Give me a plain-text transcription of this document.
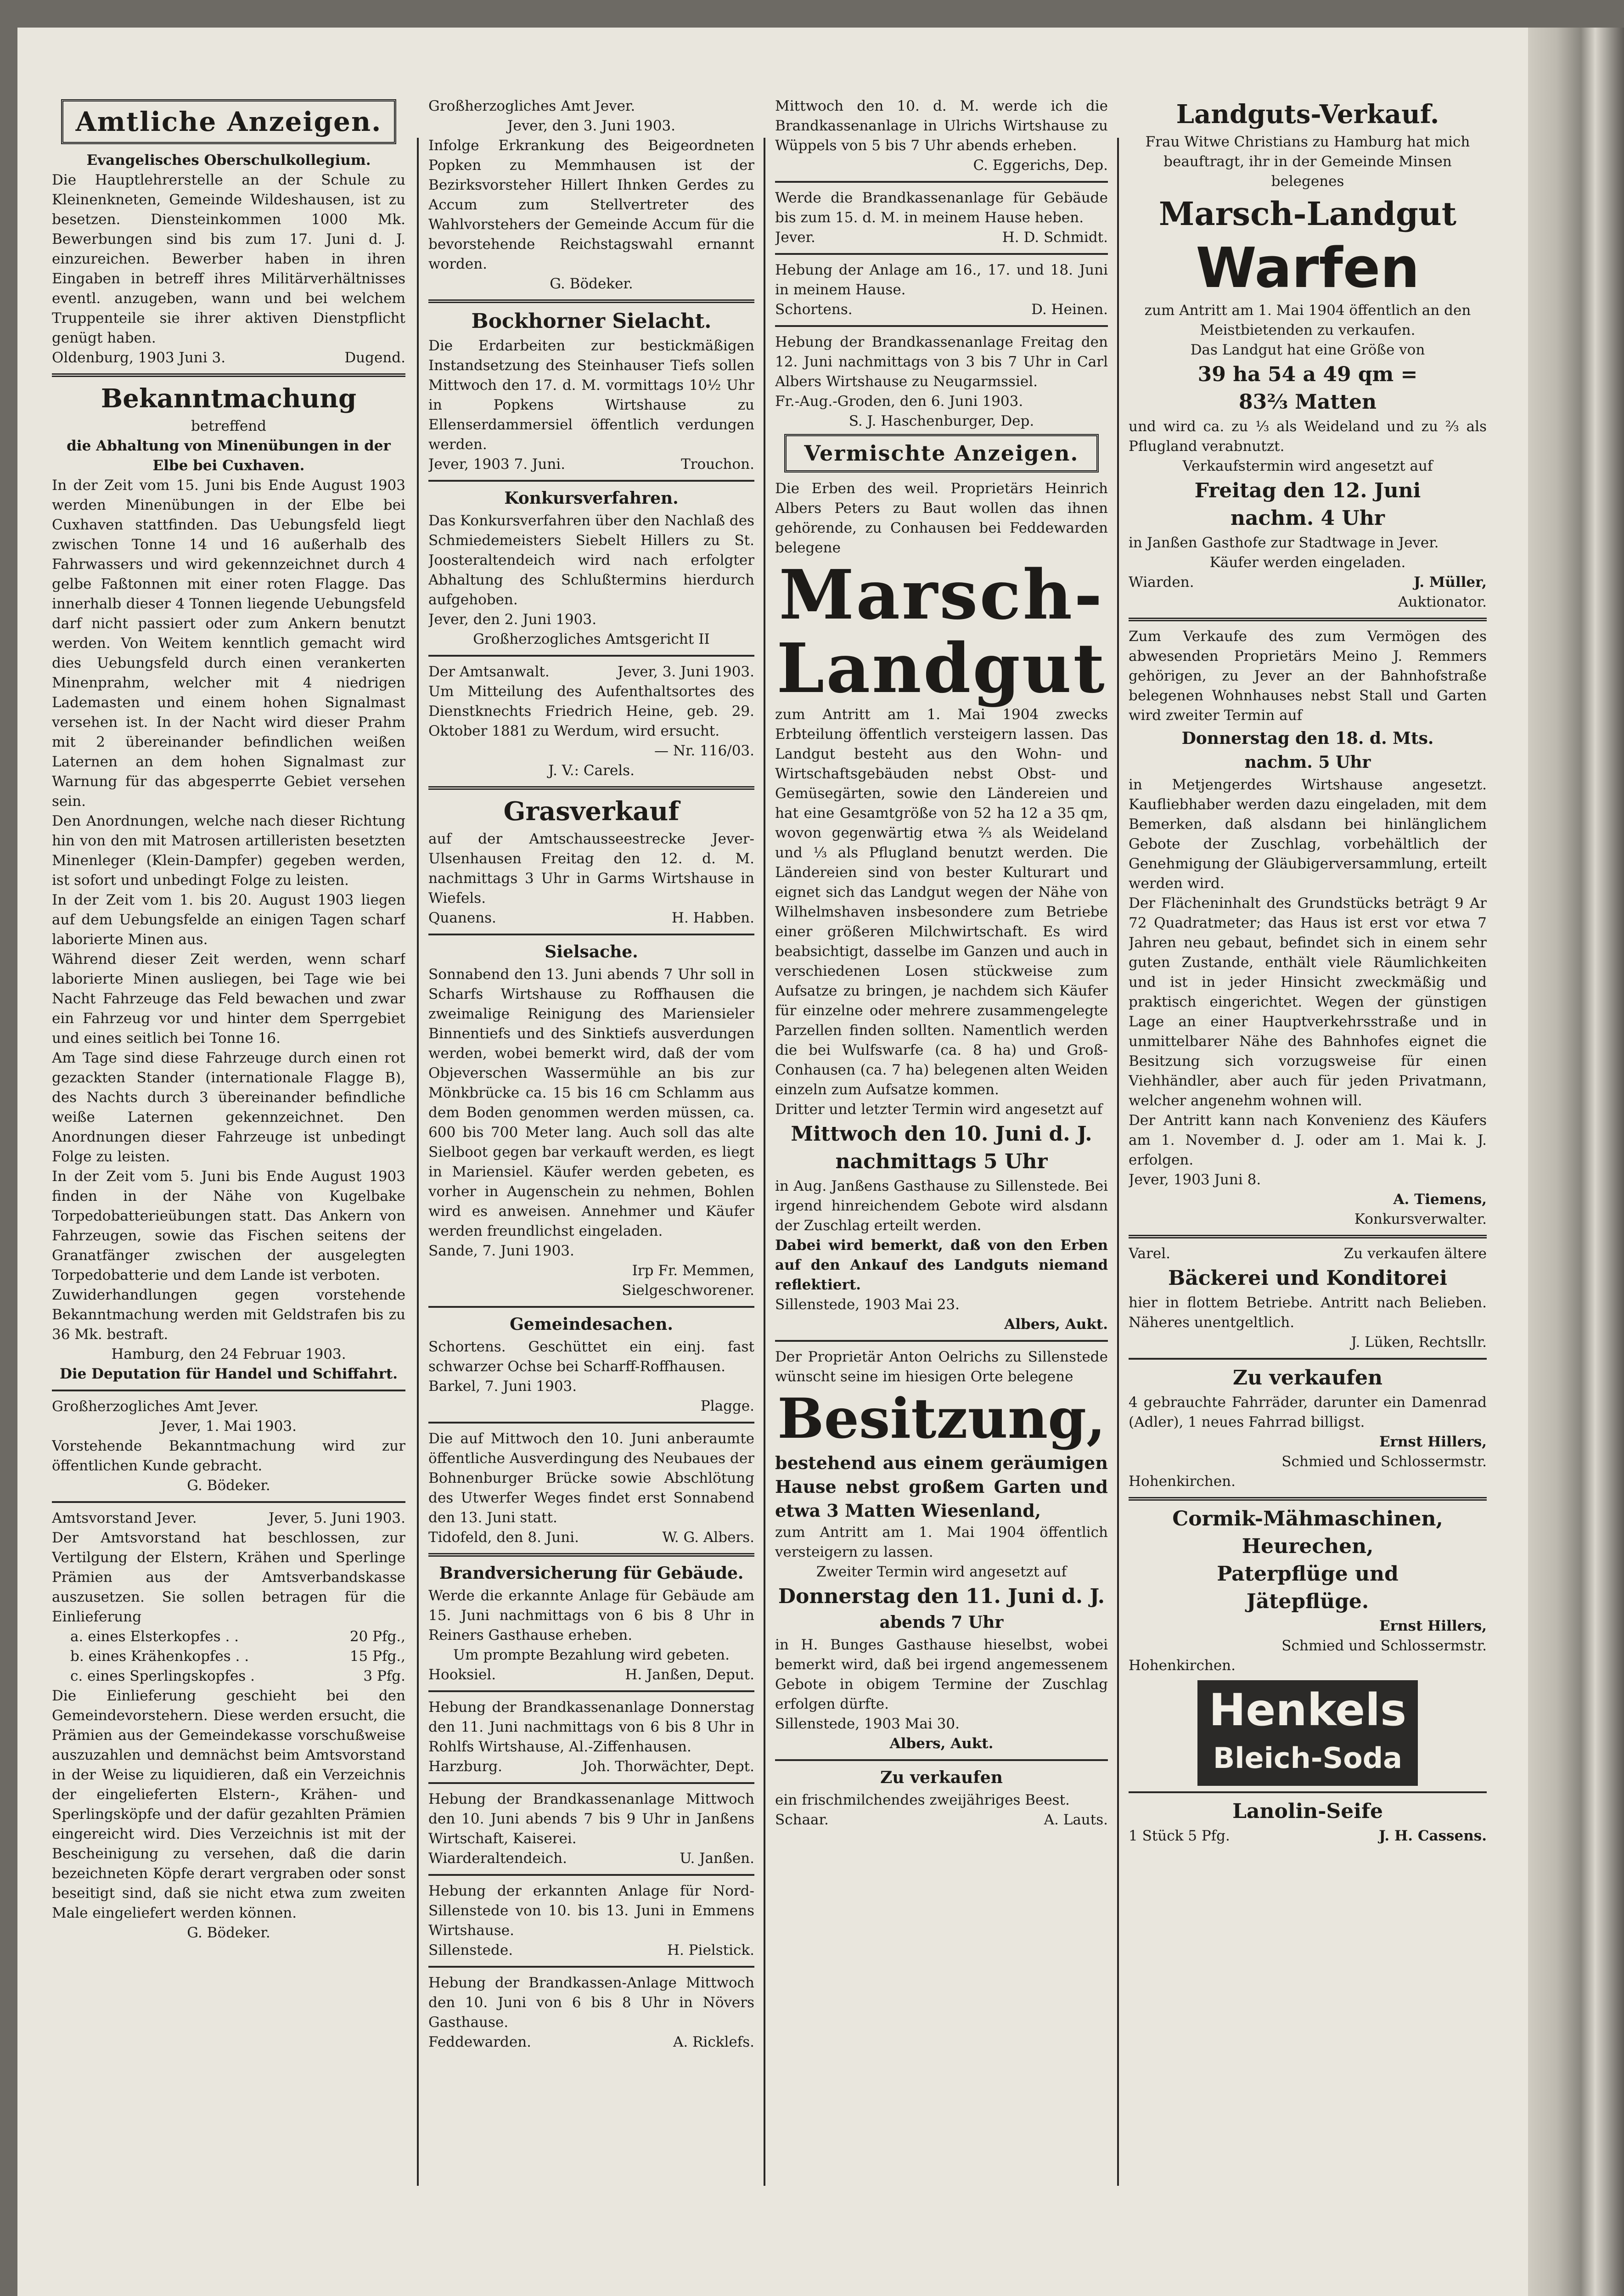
Amtliche Anzeigen.

Evangelisches Oberschulkollegium.

Die Hauptlehrerstelle an der Schule zu Kleinenkneten, Gemeinde Wildeshausen, ist zu besetzen. Diensteinkommen 1000 Mk. Bewerbungen sind bis zum 17. Juni d. J. einzureichen. Bewerber haben in ihren Eingaben in betreff ihres Militärverhältnisses eventl. anzugeben, wann und bei welchem Truppenteile sie ihrer aktiven Dienstpflicht genügt haben.

Oldenburg, 1903 Juni 3.	Dugend.
Bekanntmachung

betreffend

die Abhaltung von Minenübungen in der Elbe bei Cuxhaven.

In der Zeit vom 15. Juni bis Ende August 1903 werden Minenübungen in der Elbe bei Cuxhaven stattfinden. Das Uebungsfeld liegt zwischen Tonne 14 und 16 außerhalb des Fahrwassers und wird gekennzeichnet durch 4 gelbe Faßtonnen mit einer roten Flagge. Das innerhalb dieser 4 Tonnen liegende Uebungsfeld darf nicht passiert oder zum Ankern benutzt werden. Von Weitem kenntlich gemacht wird dies Uebungsfeld durch einen verankerten Minenprahm, welcher mit 4 niedrigen Lademasten und einem hohen Signalmast versehen ist. In der Nacht wird dieser Prahm mit 2 übereinander befindlichen weißen Laternen an dem hohen Signalmast zur Warnung für das abgesperrte Gebiet versehen sein.

Den Anordnungen, welche nach dieser Richtung hin von den mit Matrosen artilleristen besetzten Minenleger (Klein-Dampfer) gegeben werden, ist sofort und unbedingt Folge zu leisten.

In der Zeit vom 1. bis 20. August 1903 liegen auf dem Uebungsfelde an einigen Tagen scharf laborierte Minen aus.

Während dieser Zeit werden, wenn scharf laborierte Minen ausliegen, bei Tage wie bei Nacht Fahrzeuge das Feld bewachen und zwar ein Fahrzeug vor und hinter dem Sperrgebiet und eines seitlich bei Tonne 16.

Am Tage sind diese Fahrzeuge durch einen rot gezackten Stander (internationale Flagge B), des Nachts durch 3 übereinander befindliche weiße Laternen gekennzeichnet. Den Anordnungen dieser Fahrzeuge ist unbedingt Folge zu leisten.

In der Zeit vom 5. Juni bis Ende August 1903 finden in der Nähe von Kugelbake Torpedobatterieübungen statt. Das Ankern von Fahrzeugen, sowie das Fischen seitens der Granatfänger zwischen der ausgelegten Torpedobatterie und dem Lande ist verboten.

Zuwiderhandlungen gegen vorstehende Bekanntmachung werden mit Geldstrafen bis zu 36 Mk. bestraft.

Hamburg, den 24 Februar 1903.

Die Deputation für Handel und Schiffahrt.

Großherzogliches Amt Jever.

Jever, 1. Mai 1903.

Vorstehende Bekanntmachung wird zur öffentlichen Kunde gebracht.

G. Bödeker.

Amtsvorstand Jever.	Jever, 5. Juni 1903.

Der Amtsvorstand hat beschlossen, zur Vertilgung der Elstern, Krähen und Sperlinge Prämien aus der Amtsverbandskasse auszusetzen. Sie sollen betragen für die Einlieferung

a. eines Elsterkopfes . .	20 Pfg.,
b. eines Krähenkopfes . .	15 Pfg.,
c. eines Sperlingskopfes .	3 Pfg.

Die Einlieferung geschieht bei den Gemeindevorstehern. Diese werden ersucht, die Prämien aus der Gemeindekasse vorschußweise auszuzahlen und demnächst beim Amtsvorstand in der Weise zu liquidieren, daß ein Verzeichnis der eingelieferten Elstern-, Krähen- und Sperlingsköpfe und der dafür gezahlten Prämien eingereicht wird. Dies Verzeichnis ist mit der Bescheinigung zu versehen, daß die darin bezeichneten Köpfe derart vergraben oder sonst beseitigt sind, daß sie nicht etwa zum zweiten Male eingeliefert werden können.

G. Bödeker.

Großherzogliches Amt Jever.

Jever, den 3. Juni 1903.

Infolge Erkrankung des Beigeordneten Popken zu Memmhausen ist der Bezirksvorsteher Hillert Ihnken Gerdes zu Accum zum Stellvertreter des Wahlvorstehers der Gemeinde Accum für die bevorstehende Reichstagswahl ernannt worden.

G. Bödeker.

Bockhorner Sielacht.

Die Erdarbeiten zur bestickmäßigen Instandsetzung des Steinhauser Tiefs sollen Mittwoch den 17. d. M. vormittags 10½ Uhr in Popkens Wirtshause zu Ellenserdammersiel öffentlich verdungen werden.

Jever, 1903 7. Juni.	Trouchon.
Konkursverfahren.

Das Konkursverfahren über den Nachlaß des Schmiedemeisters Siebelt Hillers zu St. Joosteraltendeich wird nach erfolgter Abhaltung des Schlußtermins hierdurch aufgehoben.

Jever, den 2. Juni 1903.

Großherzogliches Amtsgericht II

Der Amtsanwalt.	Jever, 3. Juni 1903.

Um Mitteilung des Aufenthaltsortes des Dienstknechts Friedrich Heine, geb. 29. Oktober 1881 zu Werdum, wird ersucht.

— Nr. 116/03.

J. V.: Carels.

Grasverkauf

auf der Amtschausseestrecke Jever-Ulsenhausen Freitag den 12. d. M. nachmittags 3 Uhr in Garms Wirtshause in Wiefels.

Quanens.	H. Habben.
Sielsache.

Sonnabend den 13. Juni abends 7 Uhr soll in Scharfs Wirtshause zu Roffhausen die zweimalige Reinigung des Mariensieler Binnentiefs und des Sinktiefs ausverdungen werden, wobei bemerkt wird, daß der vom Objeverschen Wassermühle an bis zur Mönkbrücke ca. 15 bis 16 cm Schlamm aus dem Boden genommen werden müssen, ca. 600 bis 700 Meter lang. Auch soll das alte Sielboot gegen bar verkauft werden, es liegt in Mariensiel. Käufer werden gebeten, es vorher in Augenschein zu nehmen, Bohlen wird es anweisen. Annehmer und Käufer werden freundlichst eingeladen.

Sande, 7. Juni 1903.

Irp Fr. Memmen,

Sielgeschworener.

Gemeindesachen.

Schortens. Geschüttet ein einj. fast schwarzer Ochse bei Scharff-Roffhausen.

Barkel, 7. Juni 1903.

Plagge.

Die auf Mittwoch den 10. Juni anberaumte öffentliche Ausverdingung des Neubaues der Bohnenburger Brücke sowie Abschlötung des Utwerfer Weges findet erst Sonnabend den 13. Juni statt.

Tidofeld, den 8. Juni.	W. G. Albers.
Brandversicherung für Gebäude.

Werde die erkannte Anlage für Gebäude am 15. Juni nachmittags von 6 bis 8 Uhr in Reiners Gasthause erheben.

Um prompte Bezahlung wird gebeten.

Hooksiel.	H. Janßen, Deput.

Hebung der Brandkassenanlage Donnerstag den 11. Juni nachmittags von 6 bis 8 Uhr in Rohlfs Wirtshause, Al.-Ziffenhausen.

Harzburg.	Joh. Thorwächter, Dept.

Hebung der Brandkassenanlage Mittwoch den 10. Juni abends 7 bis 9 Uhr in Janßens Wirtschaft, Kaiserei.

Wiarderaltendeich.	U. Janßen.

Hebung der erkannten Anlage für Nord-Sillenstede von 10. bis 13. Juni in Emmens Wirtshause.

Sillenstede.	H. Pielstick.

Hebung der Brandkassen-Anlage Mittwoch den 10. Juni von 6 bis 8 Uhr in Növers Gasthause.

Feddewarden.	A. Ricklefs.

Mittwoch den 10. d. M. werde ich die Brandkassenanlage in Ulrichs Wirtshause zu Wüppels von 5 bis 7 Uhr abends erheben.

C. Eggerichs, Dep.

Werde die Brandkassenanlage für Gebäude bis zum 15. d. M. in meinem Hause heben.

Jever.	H. D. Schmidt.

Hebung der Anlage am 16., 17. und 18. Juni in meinem Hause.

Schortens.	D. Heinen.

Hebung der Brandkassenanlage Freitag den 12. Juni nachmittags von 3 bis 7 Uhr in Carl Albers Wirtshause zu Neugarmssiel.

Fr.-Aug.-Groden, den 6. Juni 1903.

S. J. Haschenburger, Dep.

Vermischte Anzeigen.

Die Erben des weil. Proprietärs Heinrich Albers Peters zu Baut wollen das ihnen gehörende, zu Conhausen bei Feddewarden belegene

Marsch-
Landgut

zum Antritt am 1. Mai 1904 zwecks Erbteilung öffentlich versteigern lassen. Das Landgut besteht aus den Wohn- und Wirtschaftsgebäuden nebst Obst- und Gemüsegärten, sowie den Ländereien und hat eine Gesamtgröße von 52 ha 12 a 35 qm, wovon gegenwärtig etwa ⅔ als Weideland und ⅓ als Pflugland benutzt werden. Die Ländereien sind von bester Kulturart und eignet sich das Landgut wegen der Nähe von Wilhelmshaven insbesondere zum Betriebe einer größeren Milchwirtschaft. Es wird beabsichtigt, dasselbe im Ganzen und auch in verschiedenen Losen stückweise zum Aufsatze zu bringen, je nachdem sich Käufer für einzelne oder mehrere zusammengelegte Parzellen finden sollten. Namentlich werden die bei Wulfswarfe (ca. 8 ha) und Groß-Conhausen (ca. 7 ha) belegenen alten Weiden einzeln zum Aufsatze kommen.

Dritter und letzter Termin wird angesetzt auf

Mittwoch den 10. Juni d. J.
nachmittags 5 Uhr

in Aug. Janßens Gasthause zu Sillenstede. Bei irgend hinreichendem Gebote wird alsdann der Zuschlag erteilt werden.

Dabei wird bemerkt, daß von den Erben auf den Ankauf des Landguts niemand reflektiert.

Sillenstede, 1903 Mai 23.

Albers, Aukt.

Der Proprietär Anton Oelrichs zu Sillenstede wünscht seine im hiesigen Orte belegene

Besitzung,

bestehend aus einem geräumigen Hause nebst großem Garten und etwa 3 Matten Wiesenland,

zum Antritt am 1. Mai 1904 öffentlich versteigern zu lassen.

Zweiter Termin wird angesetzt auf

Donnerstag den 11. Juni d. J.
abends 7 Uhr

in H. Bunges Gasthause hieselbst, wobei bemerkt wird, daß bei irgend angemessenem Gebote in obigem Termine der Zuschlag erfolgen dürfte.

Sillenstede, 1903 Mai 30.

Albers, Aukt.

Zu verkaufen

ein frischmilchendes zweijähriges Beest.

Schaar.	A. Lauts.
Landguts-Verkauf.

Frau Witwe Christians zu Hamburg hat mich beauftragt, ihr in der Gemeinde Minsen belegenes

Marsch-Landgut
Warfen

zum Antritt am 1. Mai 1904 öffentlich an den Meistbietenden zu verkaufen.

Das Landgut hat eine Größe von

39 ha 54 a 49 qm =
83⅔ Matten

und wird ca. zu ⅓ als Weideland und zu ⅔ als Pflugland verabnutzt.

Verkaufstermin wird angesetzt auf

Freitag den 12. Juni
nachm. 4 Uhr

in Janßen Gasthofe zur Stadtwage in Jever.

Käufer werden eingeladen.

Wiarden.	J. Müller,

Auktionator.

Zum Verkaufe des zum Vermögen des abwesenden Proprietärs Meino J. Remmers gehörigen, zu Jever an der Bahnhofstraße belegenen Wohnhauses nebst Stall und Garten wird zweiter Termin auf

Donnerstag den 18. d. Mts.
nachm. 5 Uhr

in Metjengerdes Wirtshause angesetzt. Kaufliebhaber werden dazu eingeladen, mit dem Bemerken, daß alsdann bei hinlänglichem Gebote der Zuschlag, vorbehältlich der Genehmigung der Gläubigerversammlung, erteilt werden wird.

Der Flächeninhalt des Grundstücks beträgt 9 Ar 72 Quadratmeter; das Haus ist erst vor etwa 7 Jahren neu gebaut, befindet sich in einem sehr guten Zustande, enthält viele Räumlichkeiten und ist in jeder Hinsicht zweckmäßig und praktisch eingerichtet. Wegen der günstigen Lage an einer Hauptverkehrsstraße und in unmittelbarer Nähe des Bahnhofes eignet die Besitzung sich vorzugsweise für einen Viehhändler, aber auch für jeden Privatmann, welcher angenehm wohnen will.

Der Antritt kann nach Konvenienz des Käufers am 1. November d. J. oder am 1. Mai k. J. erfolgen.

Jever, 1903 Juni 8.

A. Tiemens,

Konkursverwalter.

Varel.	Zu verkaufen ältere
Bäckerei und Konditorei

hier in flottem Betriebe. Antritt nach Belieben. Näheres unentgeltlich.

J. Lüken, Rechtsllr.

Zu verkaufen

4 gebrauchte Fahrräder, darunter ein Damenrad (Adler), 1 neues Fahrrad billigst.

Ernst Hillers,

Schmied und Schlossermstr.

Hohenkirchen.

Cormik-Mähmaschinen,
Heurechen,
Paterpflüge und
Jätepflüge.

Ernst Hillers,

Schmied und Schlossermstr.

Hohenkirchen.

Henkels
Bleich-Soda
Lanolin-Seife
1 Stück 5 Pfg.	J. H. Cassens.
